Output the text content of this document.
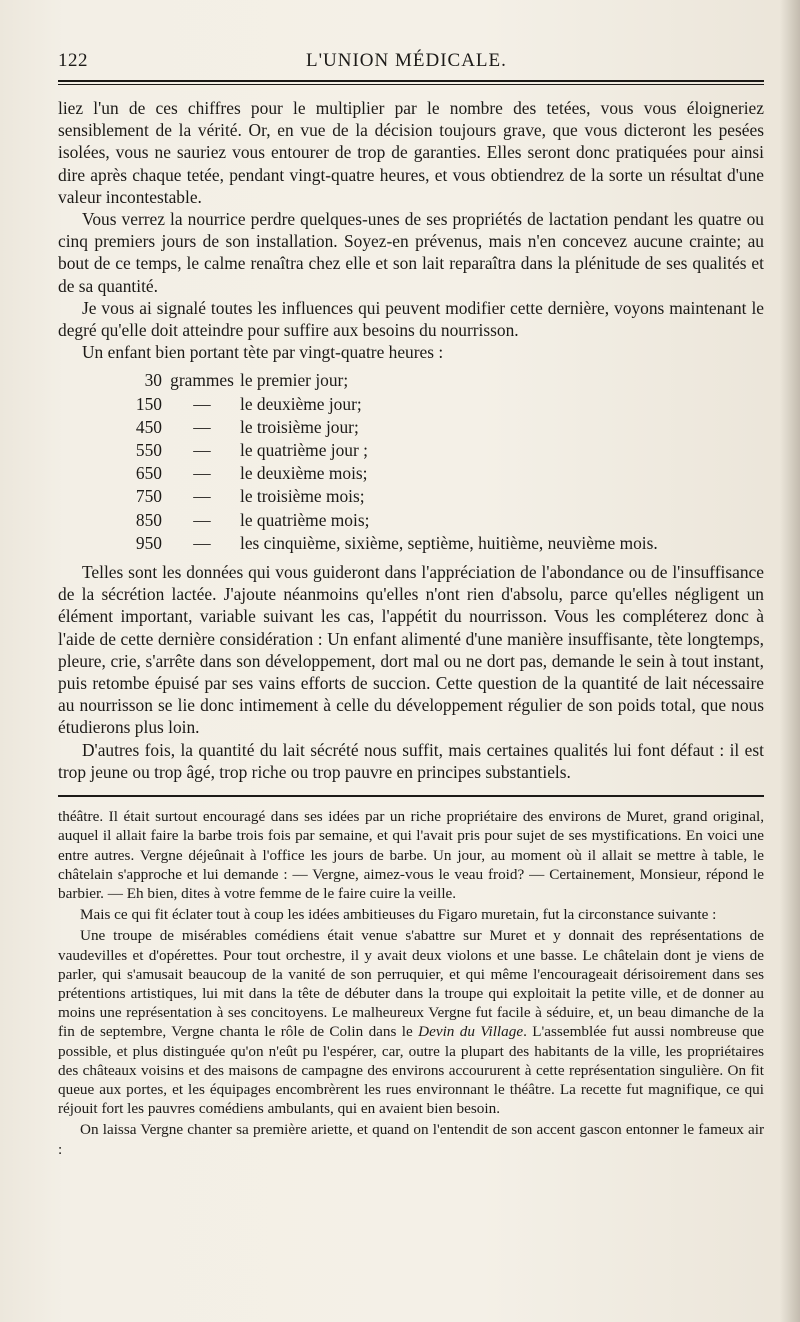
122	L'UNION MÉDICALE.

liez l'un de ces chiffres pour le multiplier par le nombre des tetées, vous vous éloigneriez sensiblement de la vérité. Or, en vue de la décision toujours grave, que vous dicteront les pesées isolées, vous ne sauriez vous entourer de trop de garanties. Elles seront donc pratiquées pour ainsi dire après chaque tetée, pendant vingt-quatre heures, et vous obtiendrez de la sorte un résultat d'une valeur incontestable.

Vous verrez la nourrice perdre quelques-unes de ses propriétés de lactation pendant les quatre ou cinq premiers jours de son installation. Soyez-en prévenus, mais n'en concevez aucune crainte; au bout de ce temps, le calme renaîtra chez elle et son lait reparaîtra dans la plénitude de ses qualités et de sa quantité.

Je vous ai signalé toutes les influences qui peuvent modifier cette dernière, voyons maintenant le degré qu'elle doit atteindre pour suffire aux besoins du nourrisson.

Un enfant bien portant tète par vingt-quatre heures :

30 grammes le premier jour;
150	—	le deuxième jour;
450	—	le troisième jour;
550	—	le quatrième jour ;
650	—	le deuxième mois;
750	—	le troisième mois;
850	—	le quatrième mois;
950	—	les cinquième, sixième, septième, huitième, neuvième mois.

Telles sont les données qui vous guideront dans l'appréciation de l'abondance ou de l'insuffisance de la sécrétion lactée. J'ajoute néanmoins qu'elles n'ont rien d'absolu, parce qu'elles négligent un élément important, variable suivant les cas, l'appétit du nourrisson. Vous les compléterez donc à l'aide de cette dernière considération : Un enfant alimenté d'une manière insuffisante, tète longtemps, pleure, crie, s'arrête dans son développement, dort mal ou ne dort pas, demande le sein à tout instant, puis retombe épuisé par ses vains efforts de succion. Cette question de la quantité de lait nécessaire au nourrisson se lie donc intimement à celle du développement régulier de son poids total, que nous étudierons plus loin.

D'autres fois, la quantité du lait sécrété nous suffit, mais certaines qualités lui font défaut : il est trop jeune ou trop âgé, trop riche ou trop pauvre en principes substantiels.

théâtre. Il était surtout encouragé dans ses idées par un riche propriétaire des environs de Muret, grand original, auquel il allait faire la barbe trois fois par semaine, et qui l'avait pris pour sujet de ses mystifications. En voici une entre autres. Vergne déjeûnait à l'office les jours de barbe. Un jour, au moment où il allait se mettre à table, le châtelain s'approche et lui demande : — Vergne, aimez-vous le veau froid? — Certainement, Monsieur, répond le barbier. — Eh bien, dites à votre femme de le faire cuire la veille.

Mais ce qui fit éclater tout à coup les idées ambitieuses du Figaro muretain, fut la circonstance suivante :

Une troupe de misérables comédiens était venue s'abattre sur Muret et y donnait des représentations de vaudevilles et d'opérettes. Pour tout orchestre, il y avait deux violons et une basse. Le châtelain dont je viens de parler, qui s'amusait beaucoup de la vanité de son perruquier, et qui même l'encourageait dérisoirement dans ses prétentions artistiques, lui mit dans la tête de débuter dans la troupe qui exploitait la petite ville, et de donner au moins une représentation à ses concitoyens. Le malheureux Vergne fut facile à séduire, et, un beau dimanche de la fin de septembre, Vergne chanta le rôle de Colin dans le Devin du Village. L'assemblée fut aussi nombreuse que possible, et plus distinguée qu'on n'eût pu l'espérer, car, outre la plupart des habitants de la ville, les propriétaires des châteaux voisins et des maisons de campagne des environs accoururent à cette représentation singulière. On fit queue aux portes, et les équipages encombrèrent les rues environnant le théâtre. La recette fut magnifique, ce qui réjouit fort les pauvres comédiens ambulants, qui en avaient bien besoin.

On laissa Vergne chanter sa première ariette, et quand on l'entendit de son accent gascon entonner le fameux air :
